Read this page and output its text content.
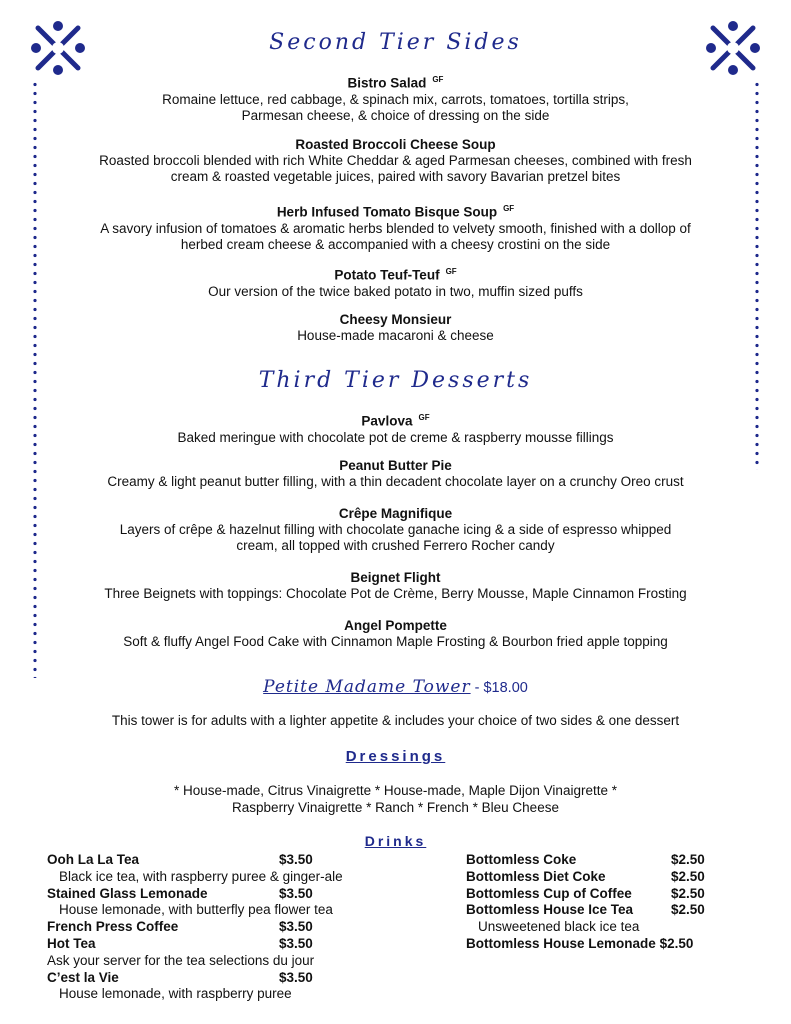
Second Tier Sides
Bistro Salad $^{GF}$
Romaine lettuce, red cabbage, & spinach mix, carrots, tomatoes, tortilla strips,
Parmesan cheese, & choice of dressing on the side
Roasted Broccoli Cheese Soup
Roasted broccoli blended with rich White Cheddar & aged Parmesan cheeses, combined with fresh
cream & roasted vegetable juices, paired with savory Bavarian pretzel bites
Herb Infused Tomato Bisque Soup $^{GF}$
A savory infusion of tomatoes & aromatic herbs blended to velvety smooth, finished with a dollop of
herbed cream cheese & accompanied with a cheesy crostini on the side
Potato Teuf-Teuf $^{GF}$
Our version of the twice baked potato in two, muffin sized puffs
Cheesy Monsieur
House-made macaroni & cheese
Third Tier Desserts
Pavlova $^{GF}$
Baked meringue with chocolate pot de creme & raspberry mousse fillings
Peanut Butter Pie
Creamy & light peanut butter filling, with a thin decadent chocolate layer on a crunchy Oreo crust
Crêpe Magnifique
Layers of crêpe & hazelnut filling with chocolate ganache icing & a side of espresso whipped
cream, all topped with crushed Ferrero Rocher candy
Beignet Flight
Three Beignets with toppings: Chocolate Pot de Crème, Berry Mousse, Maple Cinnamon Frosting
Angel Pompette
Soft & fluffy Angel Food Cake with Cinnamon Maple Frosting & Bourbon fried apple topping
Petite Madame Tower - $18.00
This tower is for adults with a lighter appetite & includes your choice of two sides & one dessert
Dressings
* House-made, Citrus Vinaigrette * House-made, Maple Dijon Vinaigrette *
Raspberry Vinaigrette * Ranch * French * Bleu Cheese
Drinks
Ooh La La Tea	$3.50
Black ice tea, with raspberry puree & ginger-ale
Stained Glass Lemonade	$3.50
House lemonade, with butterfly pea flower tea
French Press Coffee	$3.50
Hot Tea	$3.50
Ask your server for the tea selections du jour
C’est la Vie	$3.50
House lemonade, with raspberry puree
Bottomless Coke	$2.50
Bottomless Diet Coke	$2.50
Bottomless Cup of Coffee	$2.50
Bottomless House Ice Tea	$2.50
Unsweetened black ice tea
Bottomless House Lemonade $2.50
